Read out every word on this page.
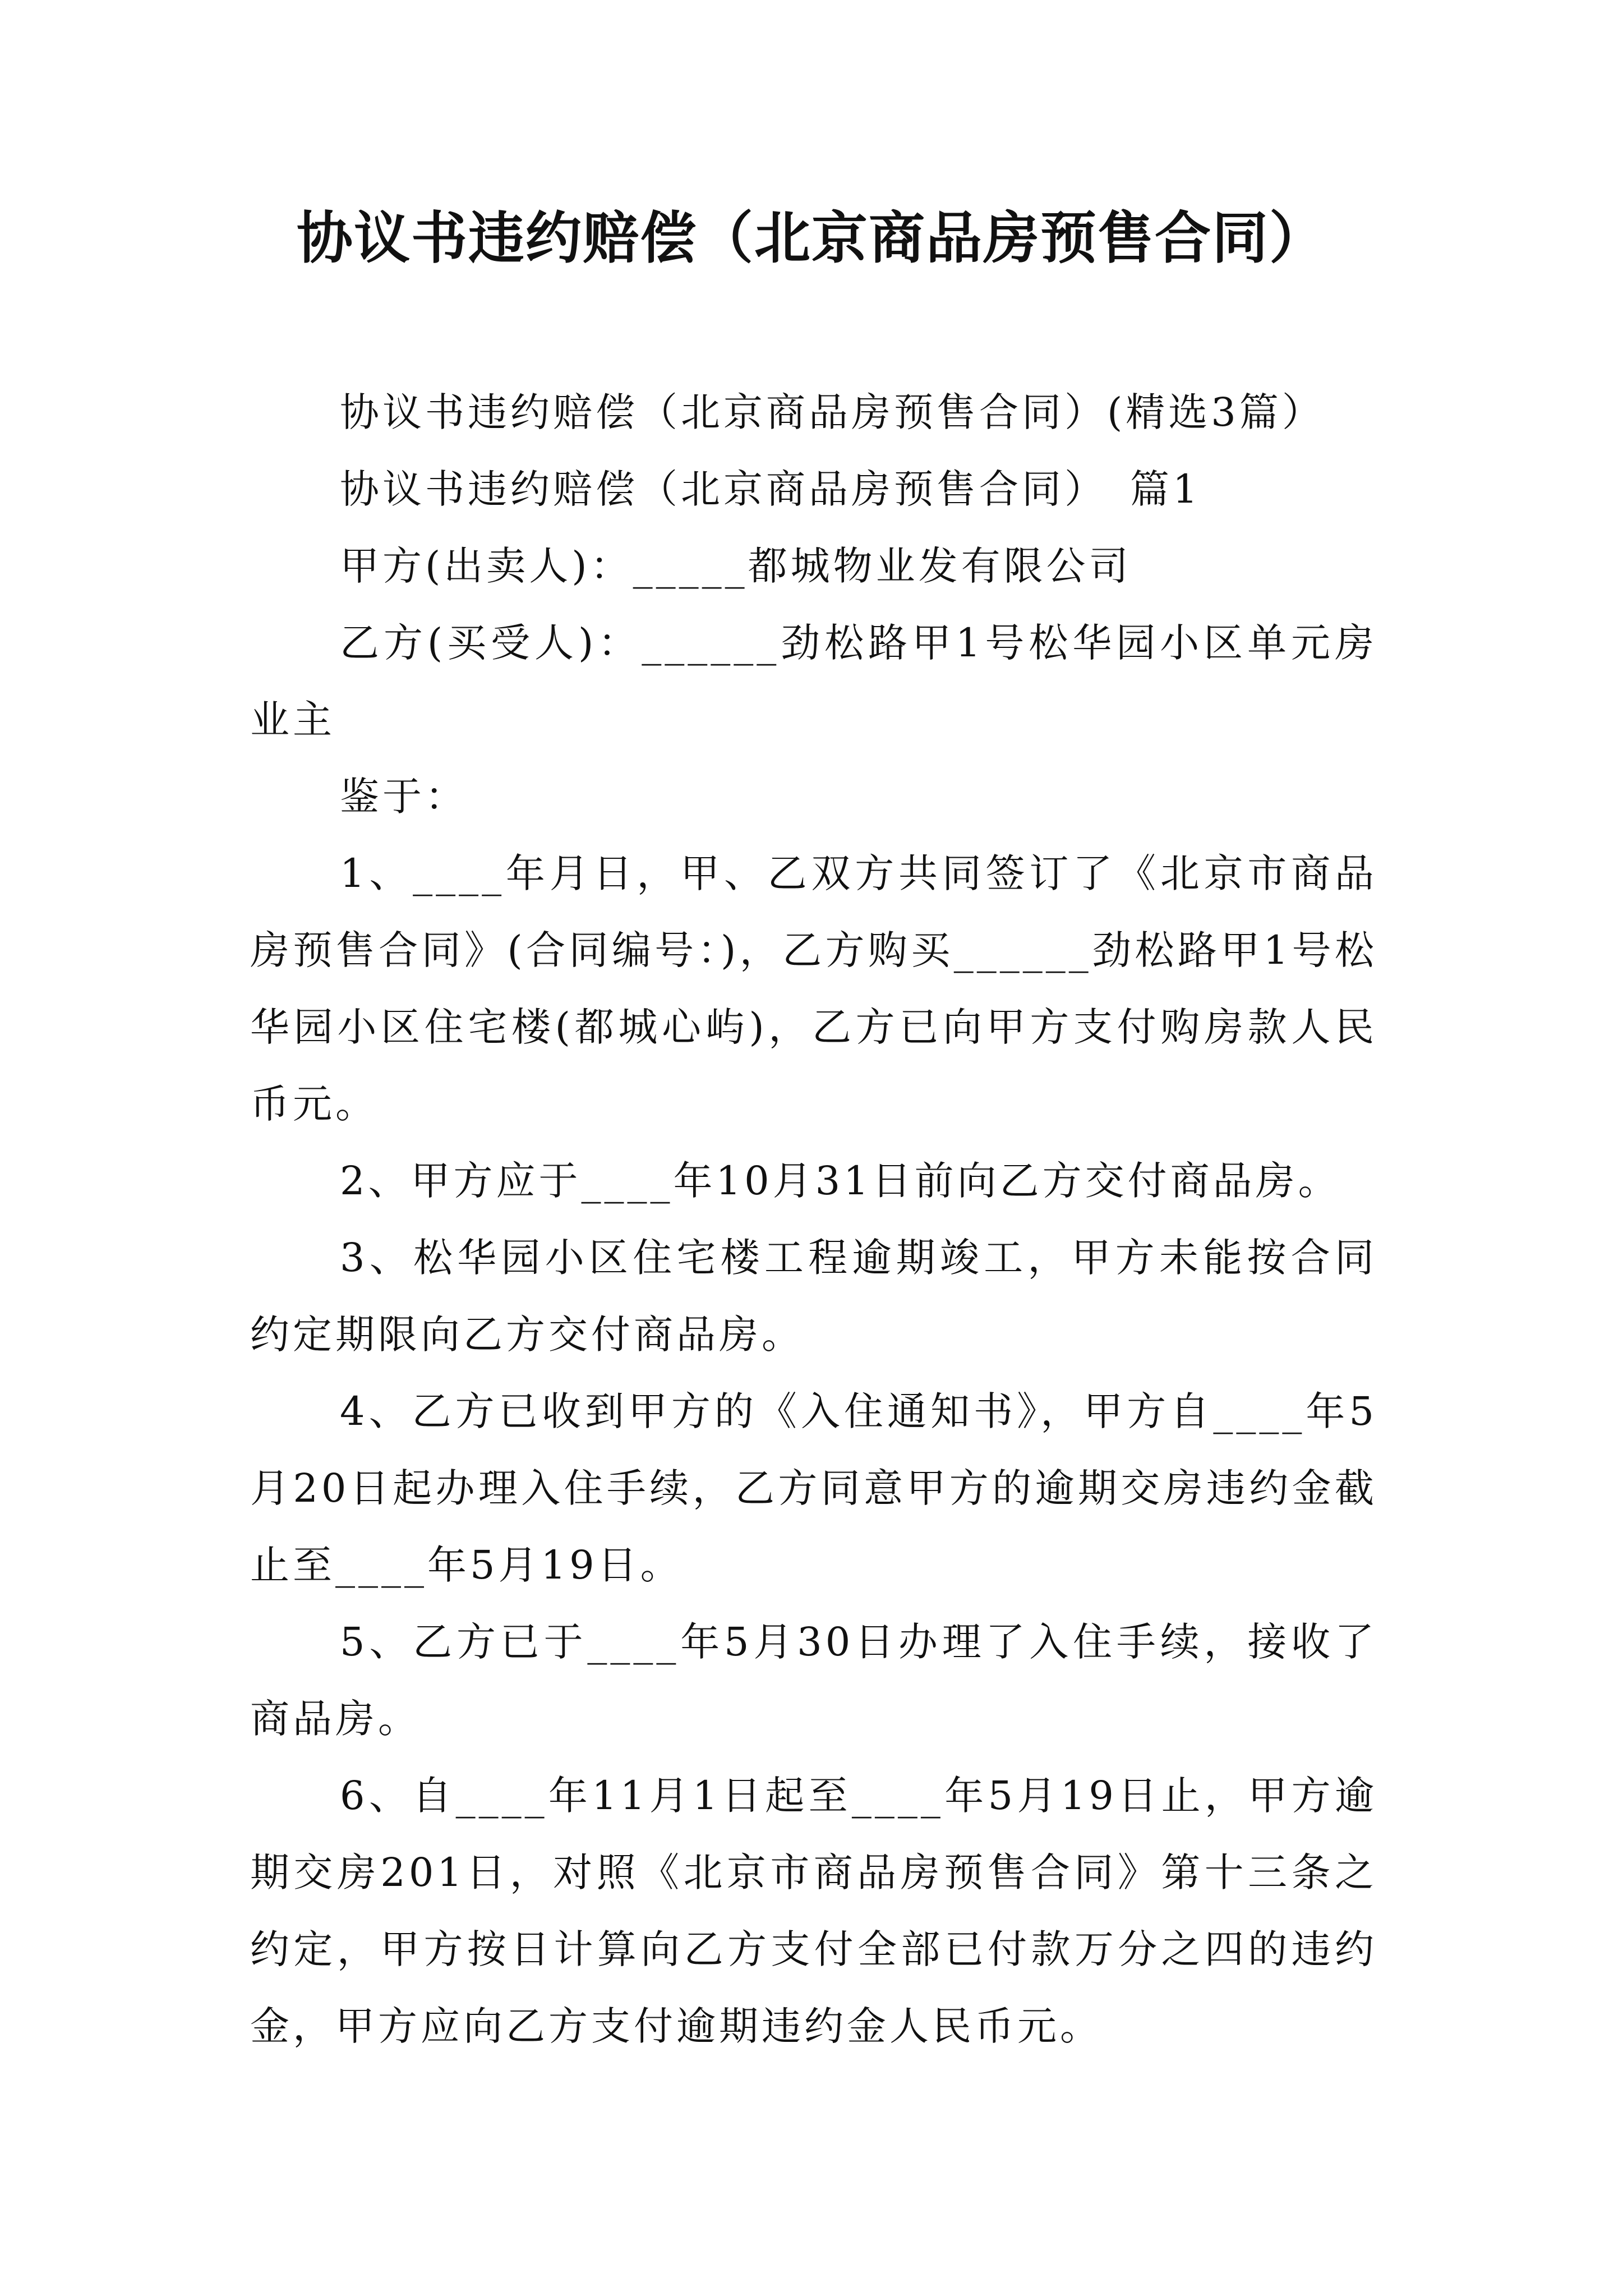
协议书违约赔偿（北京商品房预售合同）

协议书违约赔偿（北京商品房预售合同）(精选3篇）

协议书违约赔偿（北京商品房预售合同）　篇1

甲方(出卖人)：_____都城物业发有限公司

乙方(买受人)：______劲松路甲1号松华园小区单元房业主

鉴于：

1、____年月日，甲、乙双方共同签订了《北京市商品房预售合同》(合同编号：)，乙方购买______劲松路甲1号松华园小区住宅楼(都城心屿)，乙方已向甲方支付购房款人民币元。

2、甲方应于____年10月31日前向乙方交付商品房。

3、松华园小区住宅楼工程逾期竣工，甲方未能按合同约定期限向乙方交付商品房。

4、乙方已收到甲方的《入住通知书》，甲方自____年5月20日起办理入住手续，乙方同意甲方的逾期交房违约金截止至____年5月19日。

5、乙方已于____年5月30日办理了入住手续，接收了商品房。

6、自____年11月1日起至____年5月19日止，甲方逾期交房201日，对照《北京市商品房预售合同》第十三条之约定，甲方按日计算向乙方支付全部已付款万分之四的违约金，甲方应向乙方支付逾期违约金人民币元。
